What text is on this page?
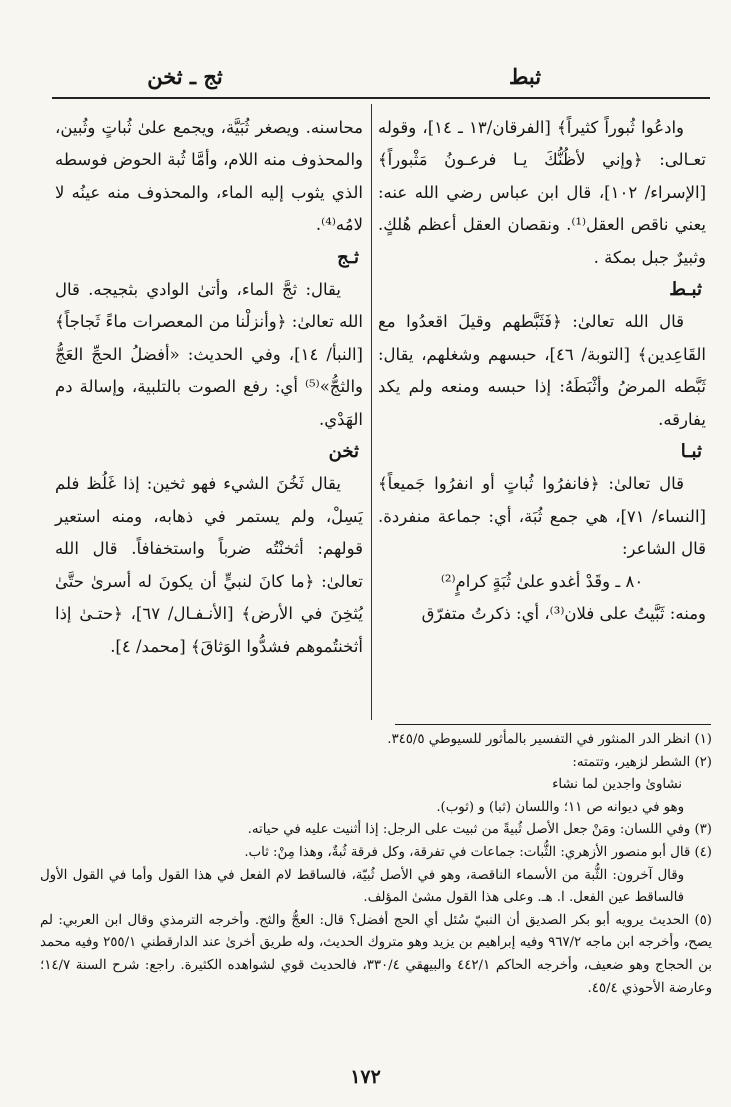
ثبط
ثج ـ ثخن

وادعُوا ثُبوراً كثيراً﴾ [الفرقان/١٣ ـ ١٤]، وقوله تعـالى: ﴿وإني لأظُنُّكَ يـا فرعـونُ مَثْبوراً﴾ [الإسراء/ ١٠٢]، قال ابن عباس رضي الله عنه: يعني ناقص العقل⁽¹⁾. ونقصان العقل أعظم هُلكٍ. وثبيرٌ جبل بمكة .

ثبـط

قال الله تعالىٰ: ﴿فَثَبَّطهم وقيلَ اقعدُوا مع القَاعِدين﴾ [التوبة/ ٤٦]، حبسهم وشغلهم، يقال: ثَبَّطه المرضُ وأثْبَطَهُ: إذا حبسه ومنعه ولم يكد يفارقه.

ثبـا

قال تعالىٰ: ﴿فانفرُوا ثُباتٍ أو انفرُوا جَميعاً﴾ [النساء/ ٧١]، هي جمع ثُبَة، أي: جماعة منفردة. قال الشاعر:

٨٠ ـ وقَدْ أغدو علىٰ ثُبَةٍ كرامٍ⁽²⁾

ومنه: ثَبَّيتُ على فلان⁽³⁾، أي: ذكرتُ متفرّق

محاسنه. ويصغر ثُبَيَّة، ويجمع علىٰ ثُباتٍ وثُبين، والمحذوف منه اللام، وأمَّا ثُبة الحوض فوسطه الذي يثوب إليه الماء، والمحذوف منه عينُه لا لامُه⁽⁴⁾.

ثـج

يقال: ثجَّ الماء، وأتىٰ الوادي بثجيجه. قال الله تعالىٰ: ﴿وأنزلْنا من المعصرات ماءً ثَجاجاً﴾ [النبأ/ ١٤]، وفي الحديث: «أفضلُ الحجِّ العَجُّ والثجُّ»⁽⁵⁾ أي: رفع الصوت بالتلبية، وإسالة دم الهَدْي.

ثخن

يقال ثَخُنَ الشيء فهو ثخين: إذا غَلُظ فلم يَسِلْ، ولم يستمر في ذهابه، ومنه استعير قولهم: أثخنْتُه ضرباً واستخفافاً. قال الله تعالىٰ: ﴿ما كانَ لنبيٍّ أن يكونَ له أسرىٰ حتَّىٰ يُثخِنَ في الأرض﴾ [الأنـفـال/ ٦٧]، ﴿حتـىٰ إذا أثخنتُموهم فشدُّوا الوَثاقَ﴾ [محمد/ ٤].

(١) انظر الدر المنثور في التفسير بالمأثور للسيوطي ٣٤٥/٥.

(٢) الشطر لزهير، وتتمته:

نشاوىٰ واجدين لما نشاء

وهو في ديوانه ص ١١؛ واللسان (ثبا) و (ثوب).

(٣) وفي اللسان: ومَنْ جعل الأصل ثُبيةً من ثبيت على الرجل: إذا أثنيت عليه في حياته.

(٤) قال أبو منصور الأزهري: الثُّبات: جماعات في تفرقة، وكل فرقة ثُبةٌ، وهذا مِنْ: ثاب.

وقال آخرون: الثُّبة من الأسماء الناقصة، وهو في الأصل ثُبيّة، فالساقط لام الفعل في هذا القول وأما في القول الأول فالساقط عين الفعل. ا. هـ. وعلى هذا القول مشىٰ المؤلف.

(٥) الحديث يرويه أبو بكر الصديق أن النبيّ سُئل أي الحج أفضل؟ قال: العجُّ والثج. وأخرجه الترمذي وقال ابن العربي: لم يصح، وأخرجه ابن ماجه ٩٦٧/٢ وفيه إبراهيم بن يزيد وهو متروك الحديث، وله طريق أخرىٰ عند الدارقطني ٢٥٥/١ وفيه محمد بن الحجاج وهو ضعيف، وأخرجه الحاكم ٤٤٢/١ والبيهقي ٣٣٠/٤، فالحديث قوي لشواهده الكثيرة. راجع: شرح السنة ١٤/٧؛ وعارضة الأحوذي ٤٥/٤.

١٧٢
